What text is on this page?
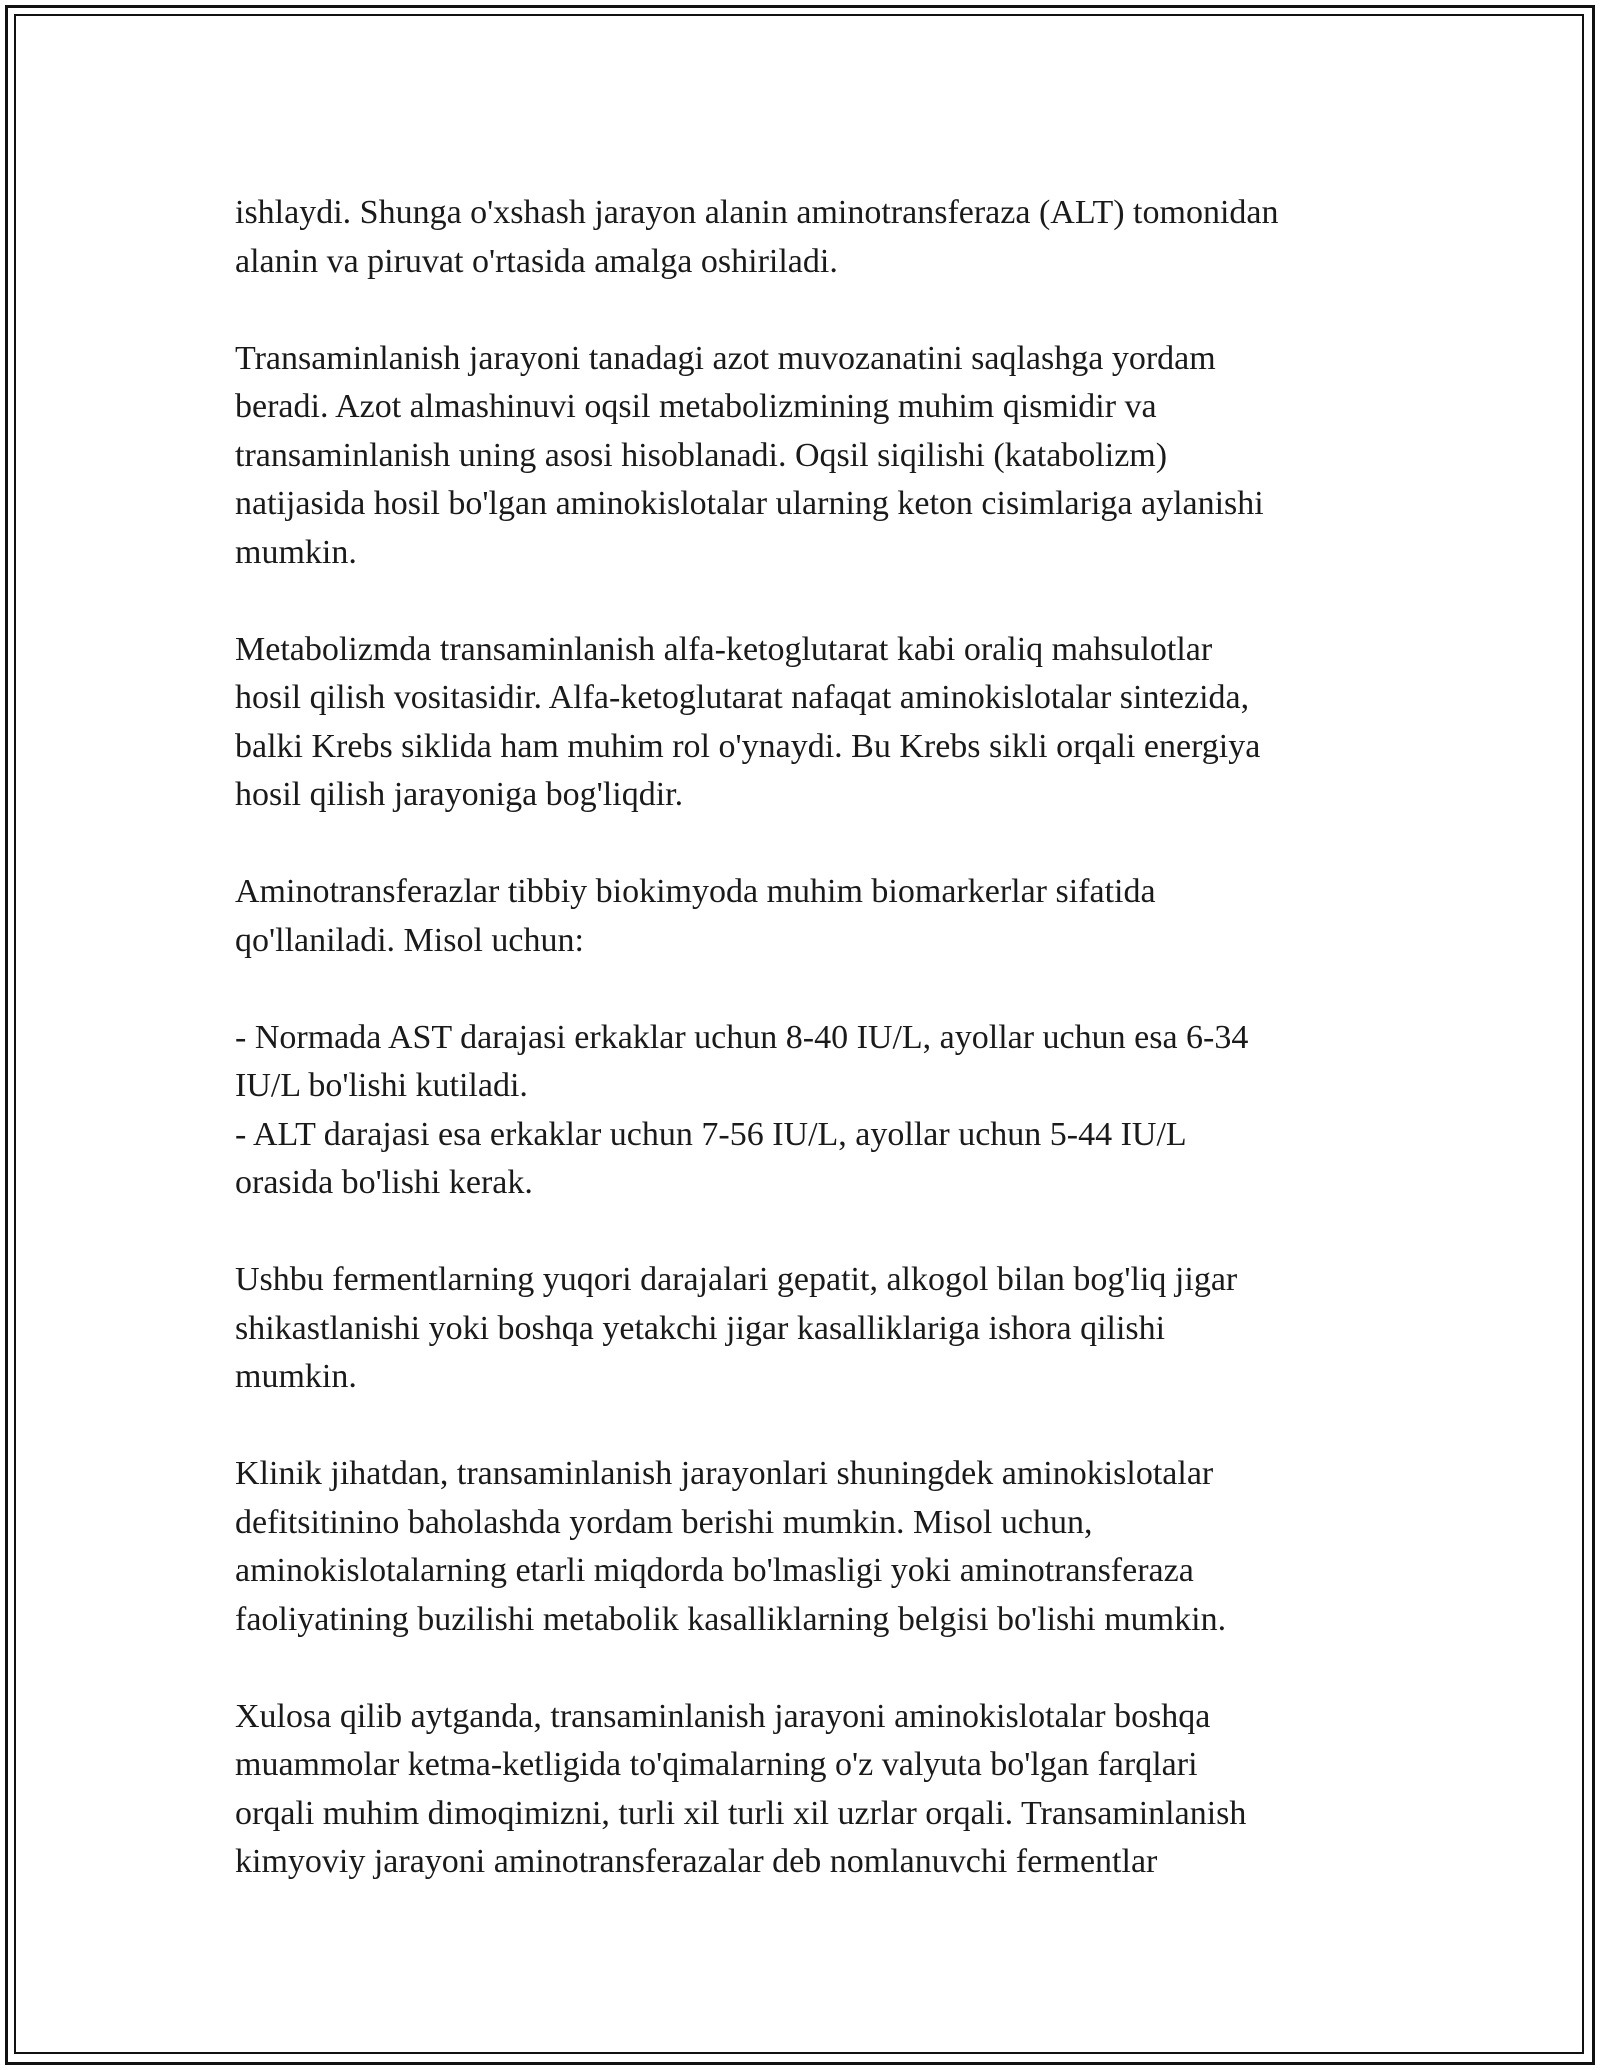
ishlaydi. Shunga o'xshash jarayon alanin aminotransferaza (ALT) tomonidan
alanin va piruvat o'rtasida amalga oshiriladi.

Transaminlanish jarayoni tanadagi azot muvozanatini saqlashga yordam
beradi. Azot almashinuvi oqsil metabolizmining muhim qismidir va
transaminlanish uning asosi hisoblanadi. Oqsil siqilishi (katabolizm)
natijasida hosil bo'lgan aminokislotalar ularning keton cisimlariga aylanishi
mumkin.

Metabolizmda transaminlanish alfa-ketoglutarat kabi oraliq mahsulotlar
hosil qilish vositasidir. Alfa-ketoglutarat nafaqat aminokislotalar sintezida,
balki Krebs siklida ham muhim rol o'ynaydi. Bu Krebs sikli orqali energiya
hosil qilish jarayoniga bog'liqdir.

Aminotransferazlar tibbiy biokimyoda muhim biomarkerlar sifatida
qo'llaniladi. Misol uchun:

- Normada AST darajasi erkaklar uchun 8-40 IU/L, ayollar uchun esa 6-34
IU/L bo'lishi kutiladi.
- ALT darajasi esa erkaklar uchun 7-56 IU/L, ayollar uchun 5-44 IU/L
orasida bo'lishi kerak.

Ushbu fermentlarning yuqori darajalari gepatit, alkogol bilan bog'liq jigar
shikastlanishi yoki boshqa yetakchi jigar kasalliklariga ishora qilishi
mumkin.

Klinik jihatdan, transaminlanish jarayonlari shuningdek aminokislotalar
defitsitinino baholashda yordam berishi mumkin. Misol uchun,
aminokislotalarning etarli miqdorda bo'lmasligi yoki aminotransferaza
faoliyatining buzilishi metabolik kasalliklarning belgisi bo'lishi mumkin.

Xulosa qilib aytganda, transaminlanish jarayoni aminokislotalar boshqa
muammolar ketma-ketligida to'qimalarning o'z valyuta bo'lgan farqlari
orqali muhim dimoqimizni, turli xil turli xil uzrlar orqali. Transaminlanish
kimyoviy jarayoni aminotransferazalar deb nomlanuvchi fermentlar
